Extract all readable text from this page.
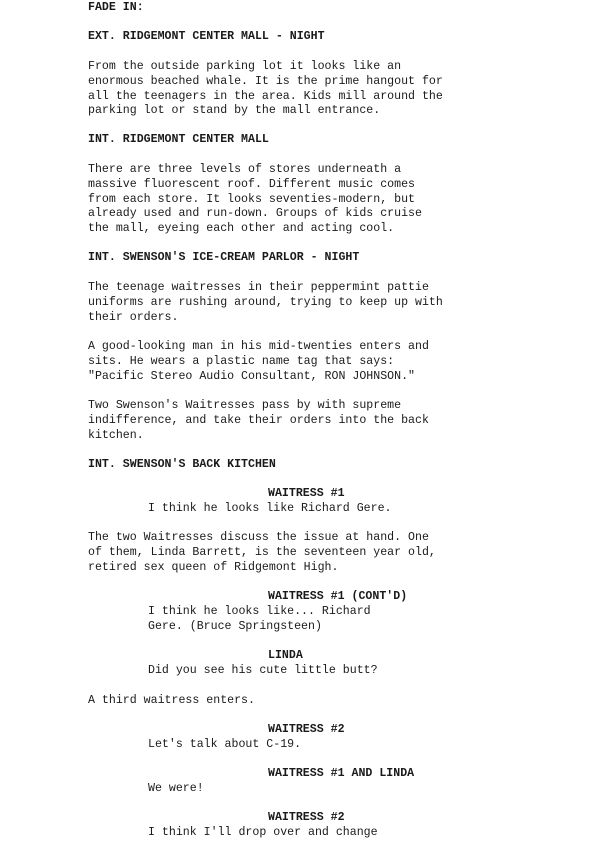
FADE IN:

EXT. RIDGEMONT CENTER MALL - NIGHT

From the outside parking lot it looks like an
enormous beached whale. It is the prime hangout for
all the teenagers in the area. Kids mill around the
parking lot or stand by the mall entrance.

INT. RIDGEMONT CENTER MALL

There are three levels of stores underneath a
massive fluorescent roof. Different music comes
from each store. It looks seventies-modern, but
already used and run-down. Groups of kids cruise
the mall, eyeing each other and acting cool.

INT. SWENSON'S ICE-CREAM PARLOR - NIGHT

The teenage waitresses in their peppermint pattie
uniforms are rushing around, trying to keep up with
their orders.

A good-looking man in his mid-twenties enters and
sits. He wears a plastic name tag that says:
"Pacific Stereo Audio Consultant, RON JOHNSON."

Two Swenson's Waitresses pass by with supreme
indifference, and take their orders into the back
kitchen.

INT. SWENSON'S BACK KITCHEN

WAITRESS #1

I think he looks like Richard Gere.

The two Waitresses discuss the issue at hand. One
of them, Linda Barrett, is the seventeen year old,
retired sex queen of Ridgemont High.

WAITRESS #1 (CONT'D)

I think he looks like... Richard
Gere. (Bruce Springsteen)

LINDA

Did you see his cute little butt?

A third waitress enters.

WAITRESS #2

Let's talk about C-19.

WAITRESS #1 AND LINDA

We were!

WAITRESS #2

I think I'll drop over and change
